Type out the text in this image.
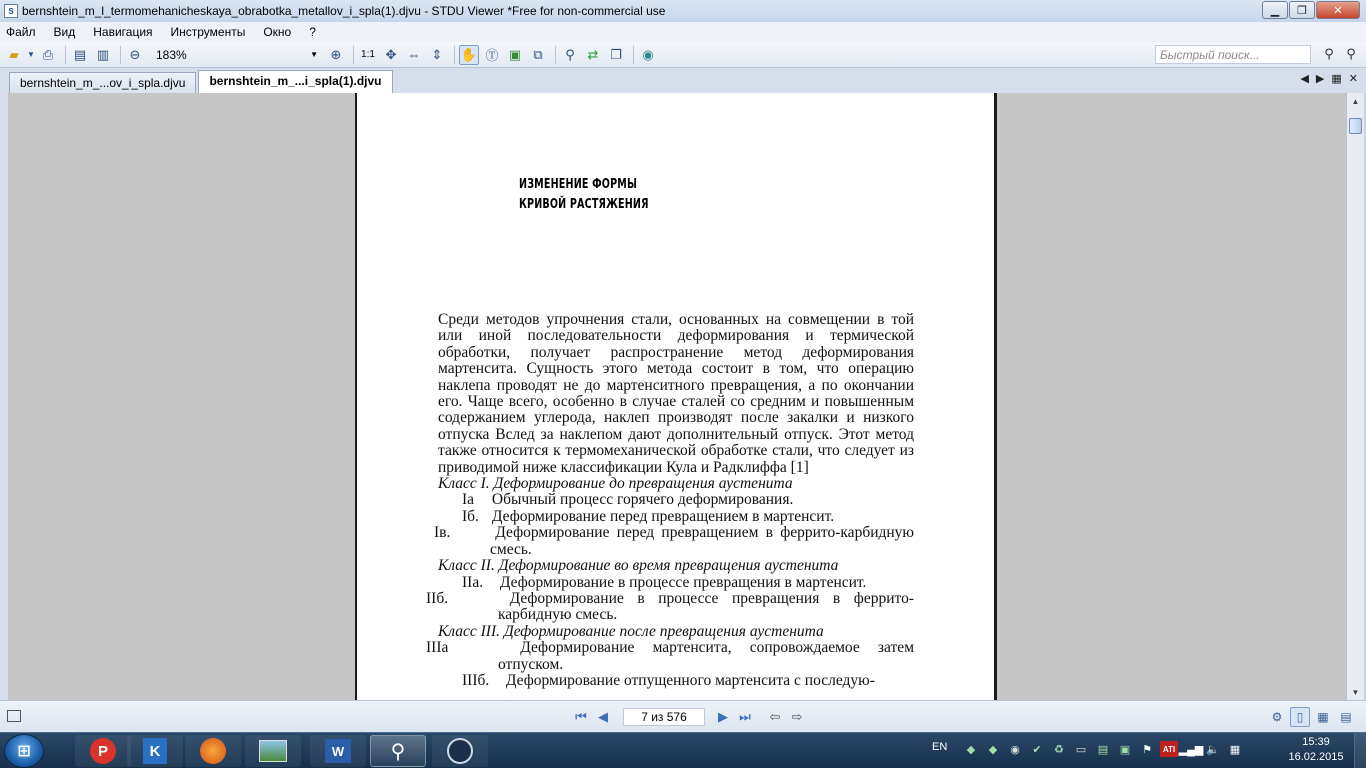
S bernshtein_m_l_termomehanicheskaya_obrabotka_metallov_i_spla(1).djvu - STDU Viewer *Free for non-commercial use	▁	❐	✕
Файл Вид Навигация Инструменты Окно ?
▰	▼ ⎙	▤ ▥	⊖	183%	▼ ⊕	1:1 ✥ ⇔ ⇕	✋ Ⓣ ▣ ⧉	⚲ ⇄ ❐	◉	Быстрый поиск...	⚲ ⚲
bernshtein_m_...ov_i_spla.djvu	bernshtein_m_...i_spla(1).djvu	◀ ▶ ▦ ✕
ИЗМЕНЕНИЕ ФОРМЫ
КРИВОЙ РАСТЯЖЕНИЯ
Среди методов упрочнения стали, основанных на совмещении в той или иной последовательности деформирования и термической обработки, получает распространение метод деформирования мартенсита. Сущность этого метода состоит в том, что операцию наклепа проводят не до мартенситного превращения, а по окончании его. Чаще всего, особенно в случае сталей со средним и повышенным содержанием углерода, наклеп производят после закалки и низкого отпуска Вслед за наклепом дают дополнительный отпуск. Этот метод также относится к термомеханической обработке стали, что следует из приводимой ниже классификации Кула и Радклиффа [1]
Класс I. Деформирование до превращения аустенита
Iа Обычный процесс горячего деформирования.
Iб. Деформирование перед превращением в мартенсит.
Iв.	Деформирование перед превращением в феррито-карбидную смесь.
Класс II. Деформирование во время превращения аустенита
IIа. Деформирование в процессе превращения в мартенсит.
IIб.	Деформирование в процессе превращения в феррито-карбидную смесь.
Класс III. Деформирование после превращения аустенита
IIIа	Деформирование мартенсита, сопровождаемое затем отпуском.
IIIб. Деформирование отпущенного мартенсита с последую-
▲
▼
⏮ ◀	7 из 576	▶ ⏭	⇦ ⇨	⚙	▯	▦ ▤
⊞	P	K	W	⚲	EN	◆	◆	◉	✔	♻	▭	▤	▣	⚑	ATI ▂▄▆ 🔈 ▦
15:39
16.02.2015
